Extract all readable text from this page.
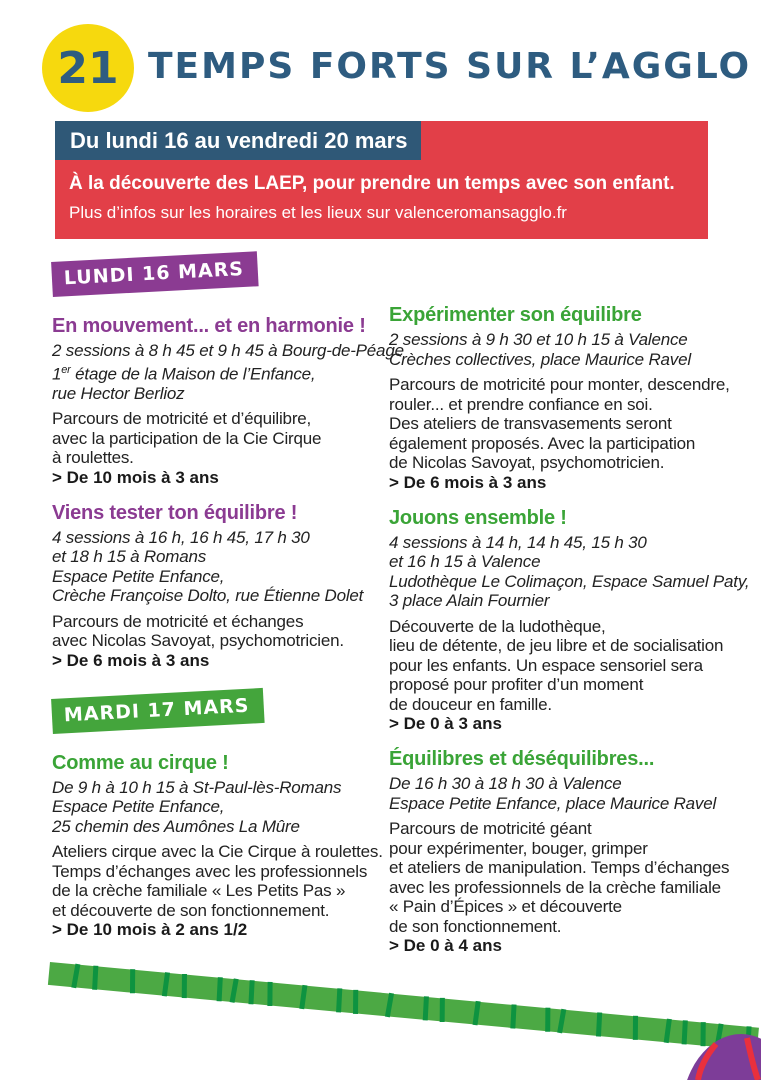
21 TEMPS FORTS SUR L’AGGLO
Du lundi 16 au vendredi 20 mars
À la découverte des LAEP, pour prendre un temps avec son enfant.
Plus d’infos sur les horaires et les lieux sur valenceromansagglo.fr
LUNDI 16 MARS
En mouvement... et en harmonie !
2 sessions à 8 h 45 et 9 h 45 à Bourg-de-Péage
1er étage de la Maison de l’Enfance,
rue Hector Berlioz
Parcours de motricité et d’équilibre,
avec la participation de la Cie Cirque
à roulettes.
> De 10 mois à 3 ans
Viens tester ton équilibre !
4 sessions à 16 h, 16 h 45, 17 h 30
et 18 h 15 à Romans
Espace Petite Enfance,
Crèche Françoise Dolto, rue Étienne Dolet
Parcours de motricité et échanges
avec Nicolas Savoyat, psychomotricien.
> De 6 mois à 3 ans
MARDI 17 MARS
Comme au cirque !
De 9 h à 10 h 15 à St-Paul-lès-Romans
Espace Petite Enfance,
25 chemin des Aumônes La Mûre
Ateliers cirque avec la Cie Cirque à roulettes.
Temps d’échanges avec les professionnels
de la crèche familiale « Les Petits Pas »
et découverte de son fonctionnement.
> De 10 mois à 2 ans 1/2
Expérimenter son équilibre
2 sessions à 9 h 30 et 10 h 15 à Valence
Crèches collectives, place Maurice Ravel
Parcours de motricité pour monter, descendre,
rouler... et prendre confiance en soi.
Des ateliers de transvasements seront
également proposés. Avec la participation
de Nicolas Savoyat, psychomotricien.
> De 6 mois à 3 ans
Jouons ensemble !
4 sessions à 14 h, 14 h 45, 15 h 30
et 16 h 15 à Valence
Ludothèque Le Colimaçon, Espace Samuel Paty,
3 place Alain Fournier
Découverte de la ludothèque,
lieu de détente, de jeu libre et de socialisation
pour les enfants. Un espace sensoriel sera
proposé pour profiter d’un moment
de douceur en famille.
> De 0 à 3 ans
Équilibres et déséquilibres...
De 16 h 30 à 18 h 30 à Valence
Espace Petite Enfance, place Maurice Ravel
Parcours de motricité géant
pour expérimenter, bouger, grimper
et ateliers de manipulation. Temps d’échanges
avec les professionnels de la crèche familiale
« Pain d’Épices » et découverte
de son fonctionnement.
> De 0 à 4 ans
